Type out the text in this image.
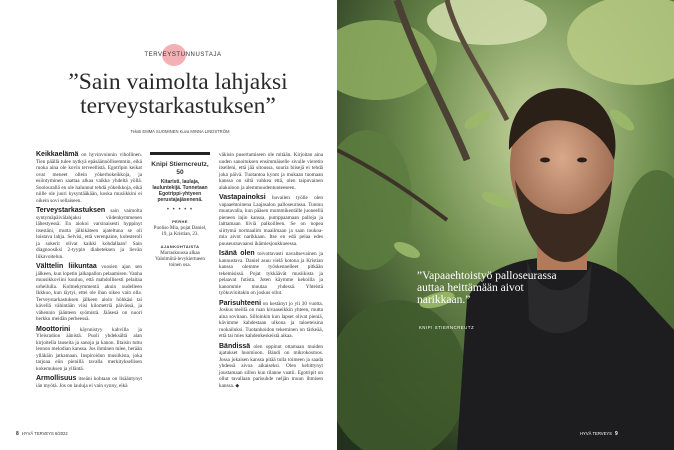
TERVEYSTUNNUSTAJA
”Sain vaimolta lahjaksi terveystarkastuksen”
Teksti EMMA SUOMINEN Kuva MINNA LINDSTRÖM

Keikkaelämä on hyvinvoinnin vihollinen. Tien päällä tulee nytkyä epäsäännöllisemmin, eikä ruoka aina ole kovin terveellistä. Egotripin keikat ovat meneet ollein yökerhokeikkoja, ja esiintyminen saattaa alkaa vaikka yhdeltä yöllä. Soolourallä en ole halunnut tehdä yökeikkoja, eikä niille ole juuri kysyntääkään, koska musiikkini ei oikein sovi sellaiseen.

Terveystarkastuksen sain vaimolta syntymäpäivälahjaksi viidenkymmenen lähestyessä. En aiokoi varsinaisesti hyppinyt itsestäni, mutta jälkikäteen ajateltuna se oli loistava lahja. Selvisi, että verenpaine, kolesteroli ja sokerit olivat kaikki kohdallaan! Sain diagnoosiksi 2-tyypin diabeteksen ja lievän liikavoitelun.

Välttelin liikuntaa vuosien ajan sen jälkeen, kun lopetin jalkapallon pelaamisen. Vanha muusikkoviini kuuluu, että mahdollisesti pelaitaa urheilulla. Kolmekymmentä akuin uudelleen Ikkkuo, kun täytyi, ettei ole ihan oikeo vain olla. Terveystarkastuksen jälkeen aloin höhkäsi tai kävellä vähintään viisi kilometriä päivässä, ja vähennin jäänteen syömistä. Jääsesä on nuori herkku meidän perheessä.

Moottorini käynnistyy kahvilla ja Yleisradion äänistä. Puoli yhdeksältä alan kirjoitella lauseita ja sanoja ja kanon. Iltaisin tuttu leonon melodian kanssa. Jos ihminen tulee, herään ylläkäin jatkamaan. Inspiroidun musiikista, joka tarjoaa eiin pienillä tavalla merkityksellisen kokemuksen ja ylläntä.

Armollisuus itseäni kohtaan on lisääntynyt iän myötä. Jos on lauluja ei vain synny, eikä

Knipi Stierncreutz, 50
Kitaristi, laulaja, lauluntekijä. Tunnetaan Egotrippi-yhtyeen perustajajäsenenä.
• • • • •
PERHE
Puoliso Mia, pojat Daniel, 19, ja Kristian, 23.
AJANKOHTAISTA
Marraskuussa alkaa Valolmiitä-levykiertueen toinen osa.

väkisin pusertamiseen ole mitään. Kirjoitan aina uuden sanoituksen ensimmäiselle sivulle vieretin itselleni, että jää sitoussa, suuria biisejä ei tehdä joka päivä. Tuotantoa kynnt ja mukaan tuomaan kanssa on siltä vahkea että, olen taipuvainen alakuloon ja alemmuudentunteeseen.

Vastapainoksi huvailen työlle olen vapaaehtoinena Laajasalon palloseurassa. Tuntuu muutavalla, kun pääsen mummikentälle juoneellä pieneen lajin kanssa, pumppaamaan palloja ja laittamaan liiviä palkoilleen. Se on nopea siirtymä normaalim maailmaan ja saan toukoa-mia aivot narikkaan. Itse en edä pelaa edes puuseuraavaansi ikämiesjoukkueessa.

Isänä olen toivottavasti navaltsevainen ja kannustava. Daniel asuu vielä kotona ja Kristian kanssa olemme työskennelleet pitkään tekemisissä. Pojat tykkäävät musiikista ja pelaavat futista. Joten käymme kekoilla ja kanommie muutaa yhdessä. Yhteistä työkuvioitakin on joskus ollut.

Parisuhteeni on kestänyt jo yli 30 vuotta. Joskus meillä on ruan kivaaseikkin yhteen, mutta aina sovitaan. Silloinkin kun lapset olivat pieniä, kävimme kahdestaan ulkona ja taloeteisina ruokailuksi. Tuotanhoidon tekeminen on tärkeää, että tai mies kahdenkeskeistä aikaa.

Bändissä olen oppinut ottamaan muiden ajatukset huomioon. Bändi on mikrokosmos. Jossa jokaisen kanssa pitää tulla toimeen ja saada yhdessä aivoa aikaiseksi. Olen kehittynyt joustamaan sillon kun tilanne vaatii. Egotripit on ollut tavallaan parisuhde neljän muun ihmisen kanssa. ◆

8 HYVÄ TERVEYS 6/2022
”Vapaaehtoistyö palloseurassa auttaa heittämään aivot narikkaan.”
KNIPI STIERNCREUTZ
HYVÄ TERVEYS 9
